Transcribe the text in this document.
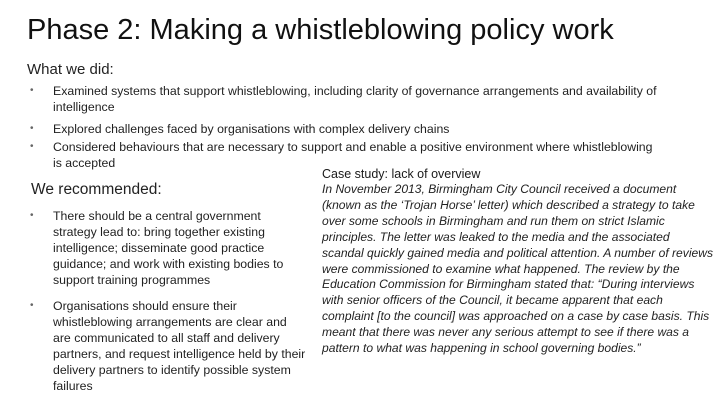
Phase 2: Making a whistleblowing policy work
What we did:
• Examined systems that support whistleblowing, including clarity of governance arrangements and availability of intelligence
• Explored challenges faced by organisations with complex delivery chains
• Considered behaviours that are necessary to support and enable a positive environment where whistleblowing is accepted
We recommended:
• There should be a central government strategy lead to: bring together existing intelligence; disseminate good practice guidance; and work with existing bodies to support training programmes
• Organisations should ensure their whistleblowing arrangements are clear and are communicated to all staff and delivery partners, and request intelligence held by their delivery partners to identify possible system failures
Case study: lack of overview
In November 2013, Birmingham City Council received a document (known as the ‘Trojan Horse’ letter) which described a strategy to take over some schools in Birmingham and run them on strict Islamic principles. The letter was leaked to the media and the associated scandal quickly gained media and political attention. A number of reviews were commissioned to examine what happened. The review by the Education Commission for Birmingham stated that: “During interviews with senior officers of the Council, it became apparent that each complaint [to the council] was approached on a case by case basis. This meant that there was never any serious attempt to see if there was a pattern to what was happening in school governing bodies.”
